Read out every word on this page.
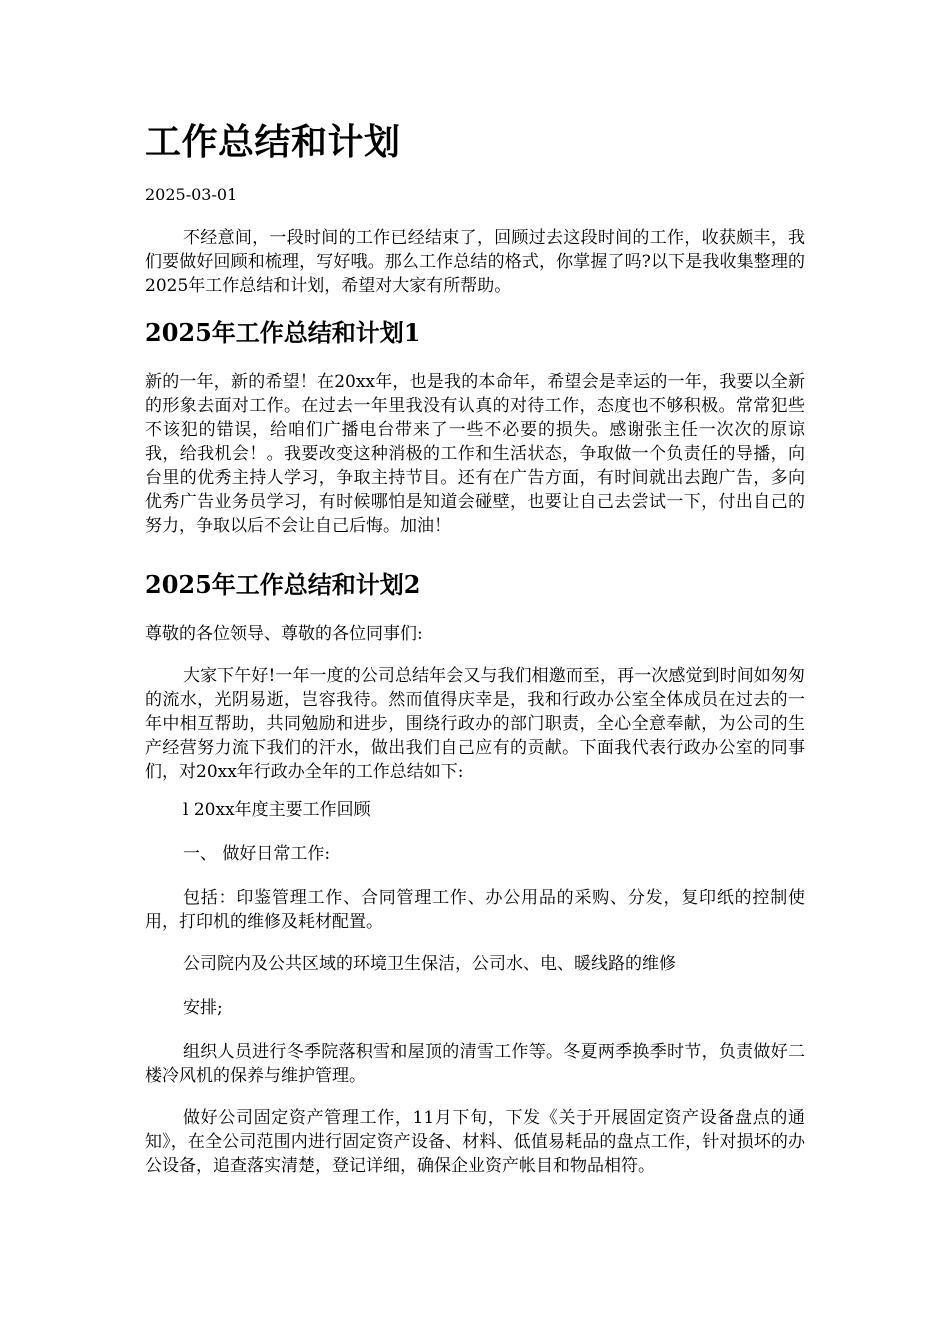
工作总结和计划
2025-03-01

不经意间，一段时间的工作已经结束了，回顾过去这段时间的工作，收获颇丰，我们要做好回顾和梳理，写好哦。那么工作总结的格式，你掌握了吗?以下是我收集整理的2025年工作总结和计划，希望对大家有所帮助。

2025年工作总结和计划1

新的一年，新的希望！在20xx年，也是我的本命年，希望会是幸运的一年，我要以全新的形象去面对工作。在过去一年里我没有认真的对待工作，态度也不够积极。常常犯些不该犯的错误，给咱们广播电台带来了一些不必要的损失。感谢张主任一次次的原谅我，给我机会！。我要改变这种消极的工作和生活状态，争取做一个负责任的导播，向台里的优秀主持人学习，争取主持节目。还有在广告方面，有时间就出去跑广告，多向优秀广告业务员学习，有时候哪怕是知道会碰壁，也要让自己去尝试一下，付出自己的努力，争取以后不会让自己后悔。加油！

2025年工作总结和计划2

尊敬的各位领导、尊敬的各位同事们:

大家下午好!一年一度的公司总结年会又与我们相邀而至，再一次感觉到时间如匆匆的流水，光阴易逝，岂容我待。然而值得庆幸是，我和行政办公室全体成员在过去的一年中相互帮助，共同勉励和进步，围绕行政办的部门职责，全心全意奉献，为公司的生产经营努力流下我们的汗水，做出我们自己应有的贡献。下面我代表行政办公室的同事们，对20xx年行政办全年的工作总结如下:

l 20xx年度主要工作回顾

一、 做好日常工作:

包括：印鉴管理工作、合同管理工作、办公用品的采购、分发，复印纸的控制使用，打印机的维修及耗材配置。

公司院内及公共区域的环境卫生保洁，公司水、电、暖线路的维修

安排;

组织人员进行冬季院落积雪和屋顶的清雪工作等。冬夏两季换季时节，负责做好二楼冷风机的保养与维护管理。

做好公司固定资产管理工作，11月下旬，下发《关于开展固定资产设备盘点的通知》，在全公司范围内进行固定资产设备、材料、低值易耗品的盘点工作，针对损坏的办公设备，追查落实清楚，登记详细，确保企业资产帐目和物品相符。
